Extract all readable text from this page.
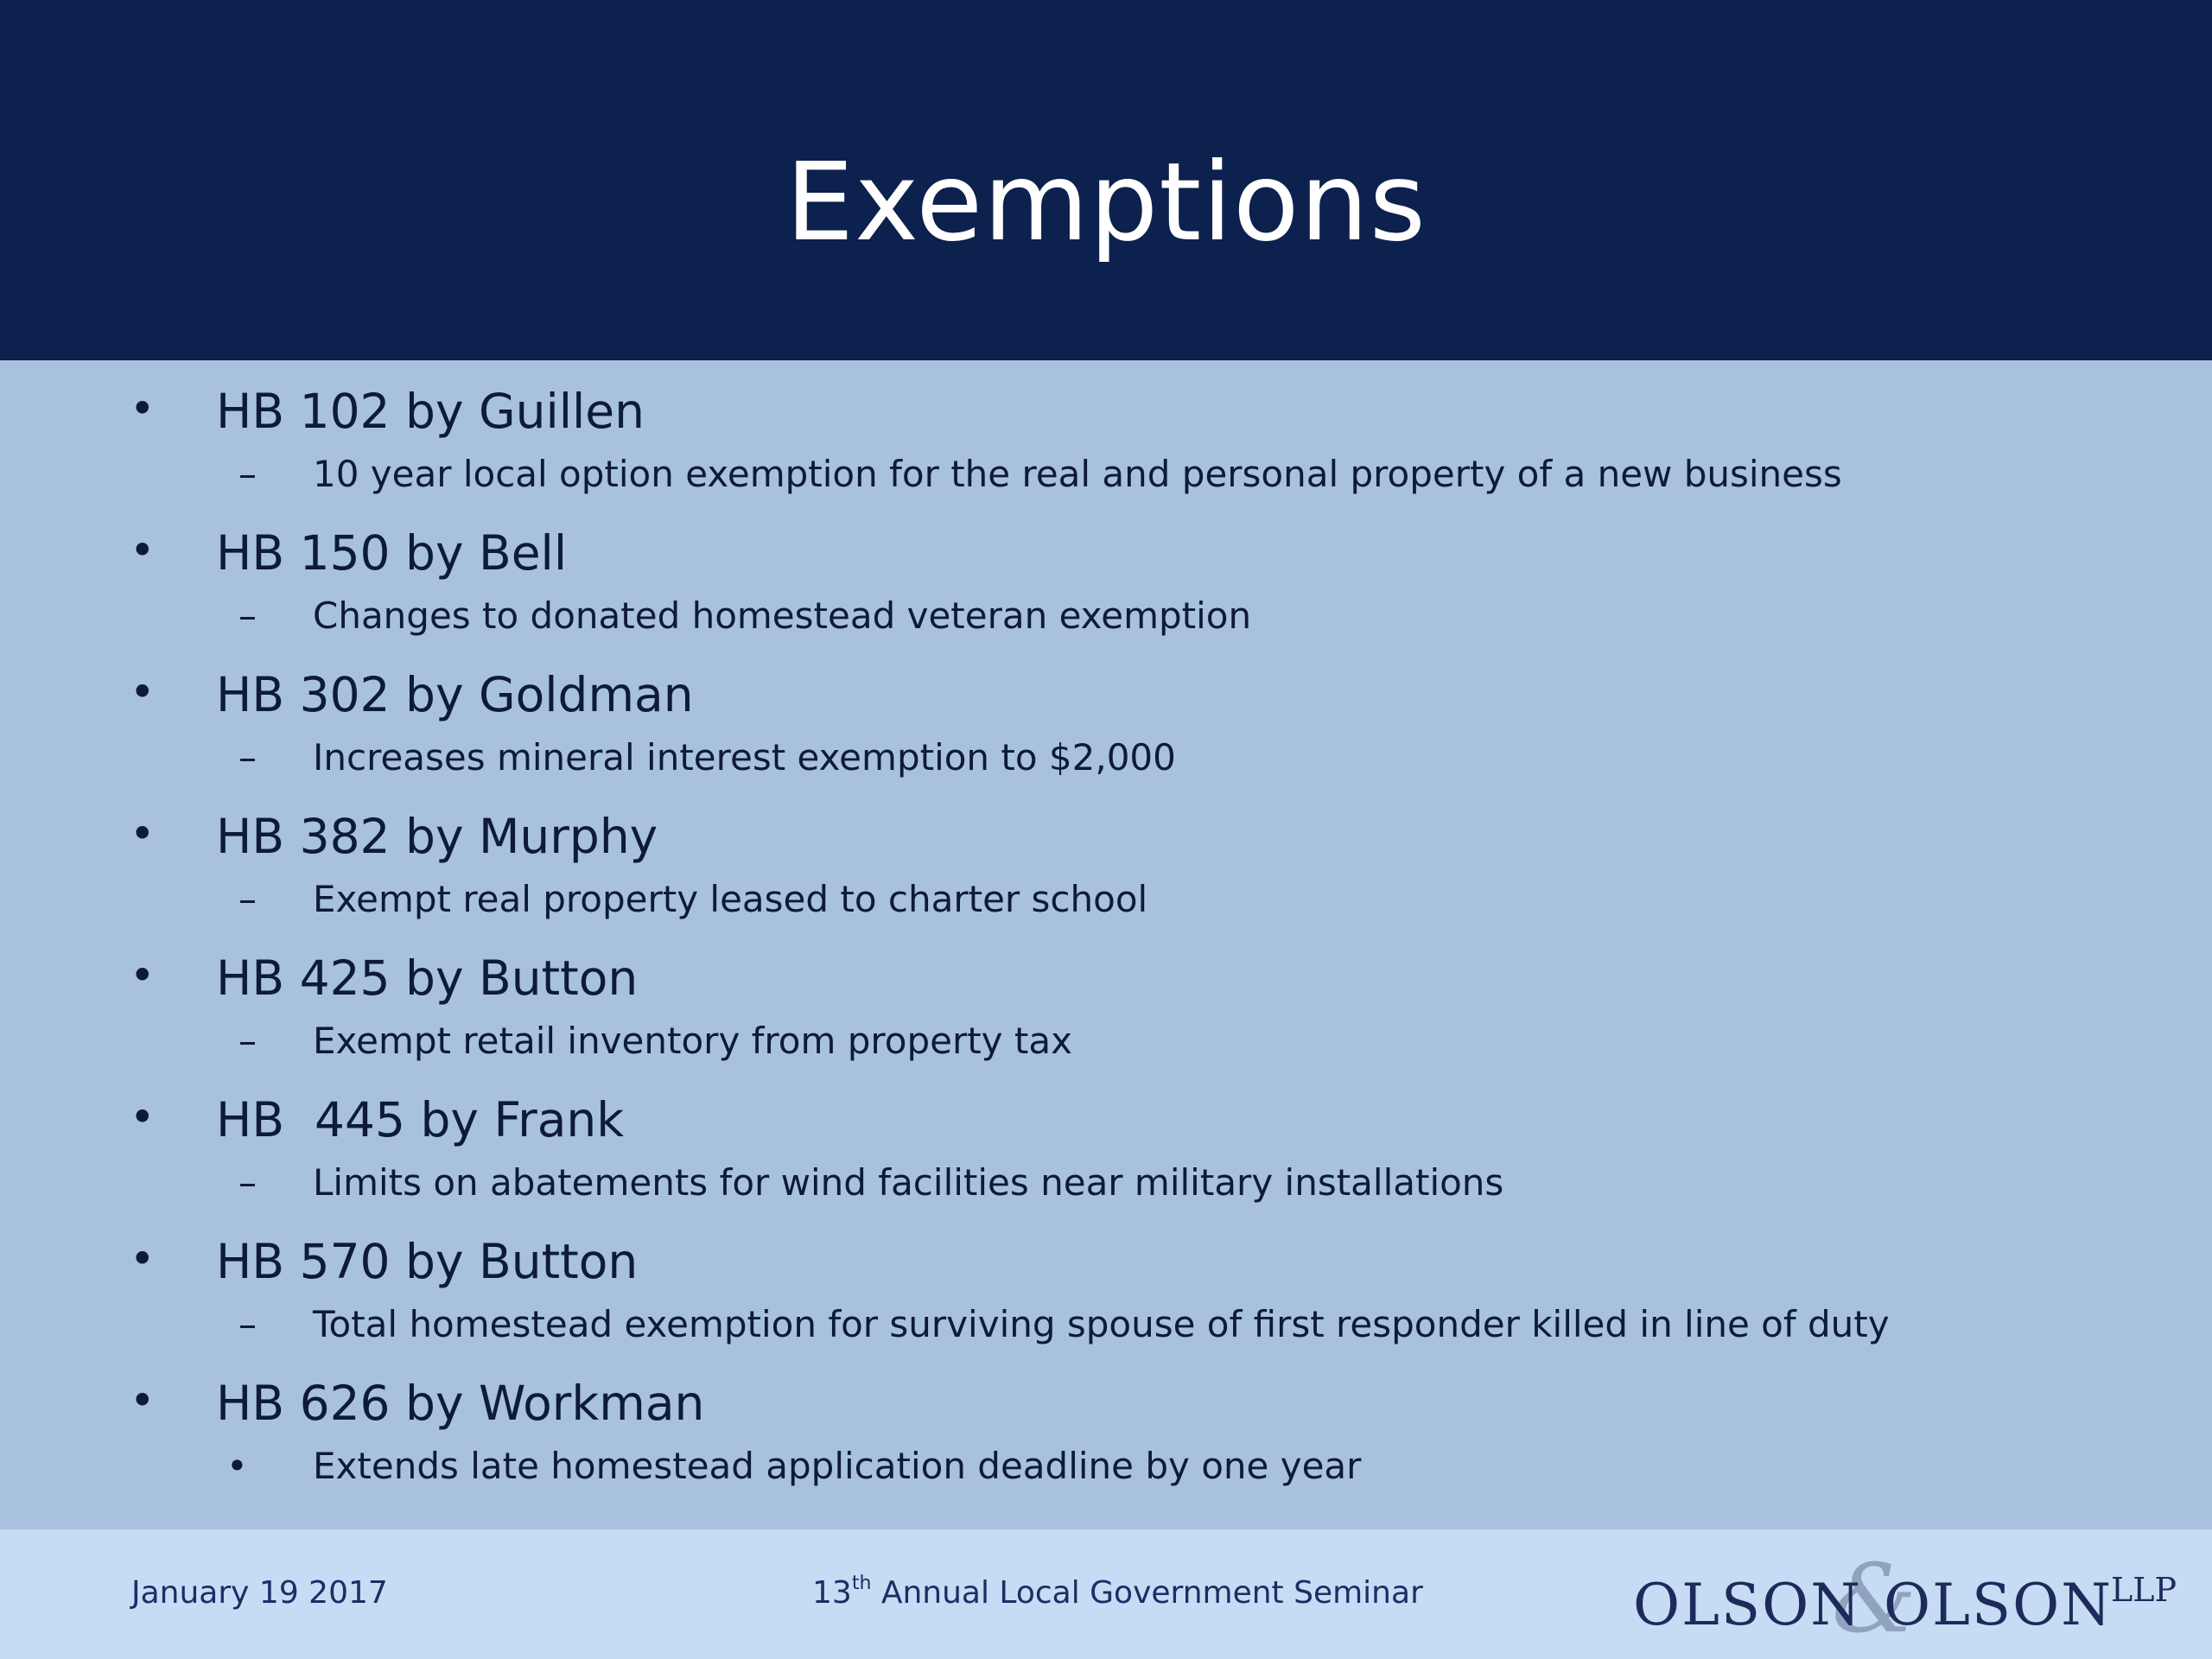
Exemptions
• HB 102 by Guillen
– 10 year local option exemption for the real and personal property of a new business
• HB 150 by Bell
– Changes to donated homestead veteran exemption
• HB 302 by Goldman
– Increases mineral interest exemption to $2,000
• HB 382 by Murphy
– Exempt real property leased to charter school
• HB 425 by Button
– Exempt retail inventory from property tax
• HB  445 by Frank
– Limits on abatements for wind facilities near military installations
• HB 570 by Button
– Total homestead exemption for surviving spouse of first responder killed in line of duty
• HB 626 by Workman
• Extends late homestead application deadline by one year
January 19 2017	13th Annual Local Government Seminar	&
OLSON OLSON
LLP
